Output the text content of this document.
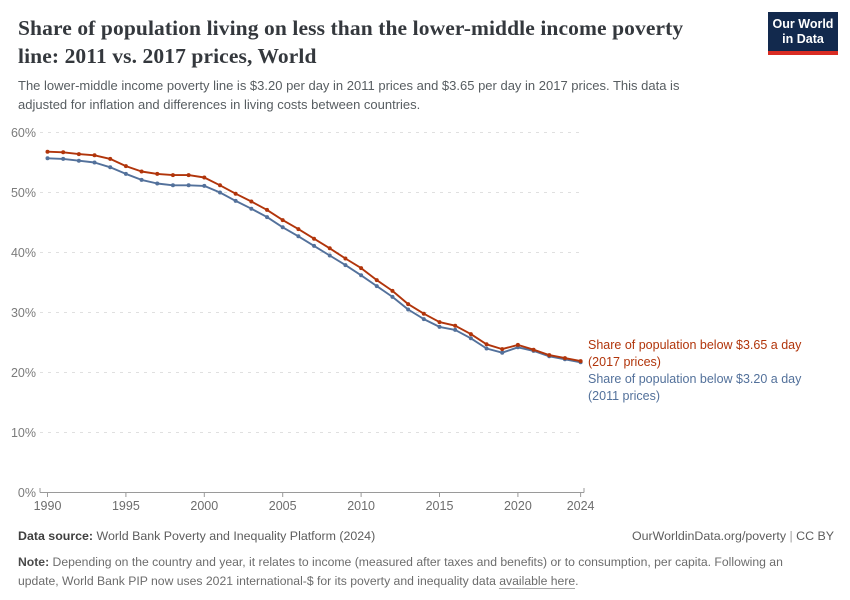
Share of population living on less than the lower-middle income poverty
line: 2011 vs. 2017 prices, World
The lower-middle income poverty line is $3.20 per day in 2011 prices and $3.65 per day in 2017 prices. This data is
adjusted for inflation and differences in living costs between countries.
Our World
in Data
0%
10%
20%
30%
40%
50%
60%
1990	1995	2000	2005	2010	2015	2020	2024
Share of population below $3.65 a day
(2017 prices)
Share of population below $3.20 a day
(2011 prices)
Data source: World Bank Poverty and Inequality Platform (2024)	OurWorldinData.org/poverty | CC BY
Note: Depending on the country and year, it relates to income (measured after taxes and benefits) or to consumption, per capita. Following an update, World Bank PIP now uses 2021 international-$ for its poverty and inequality data available here.
